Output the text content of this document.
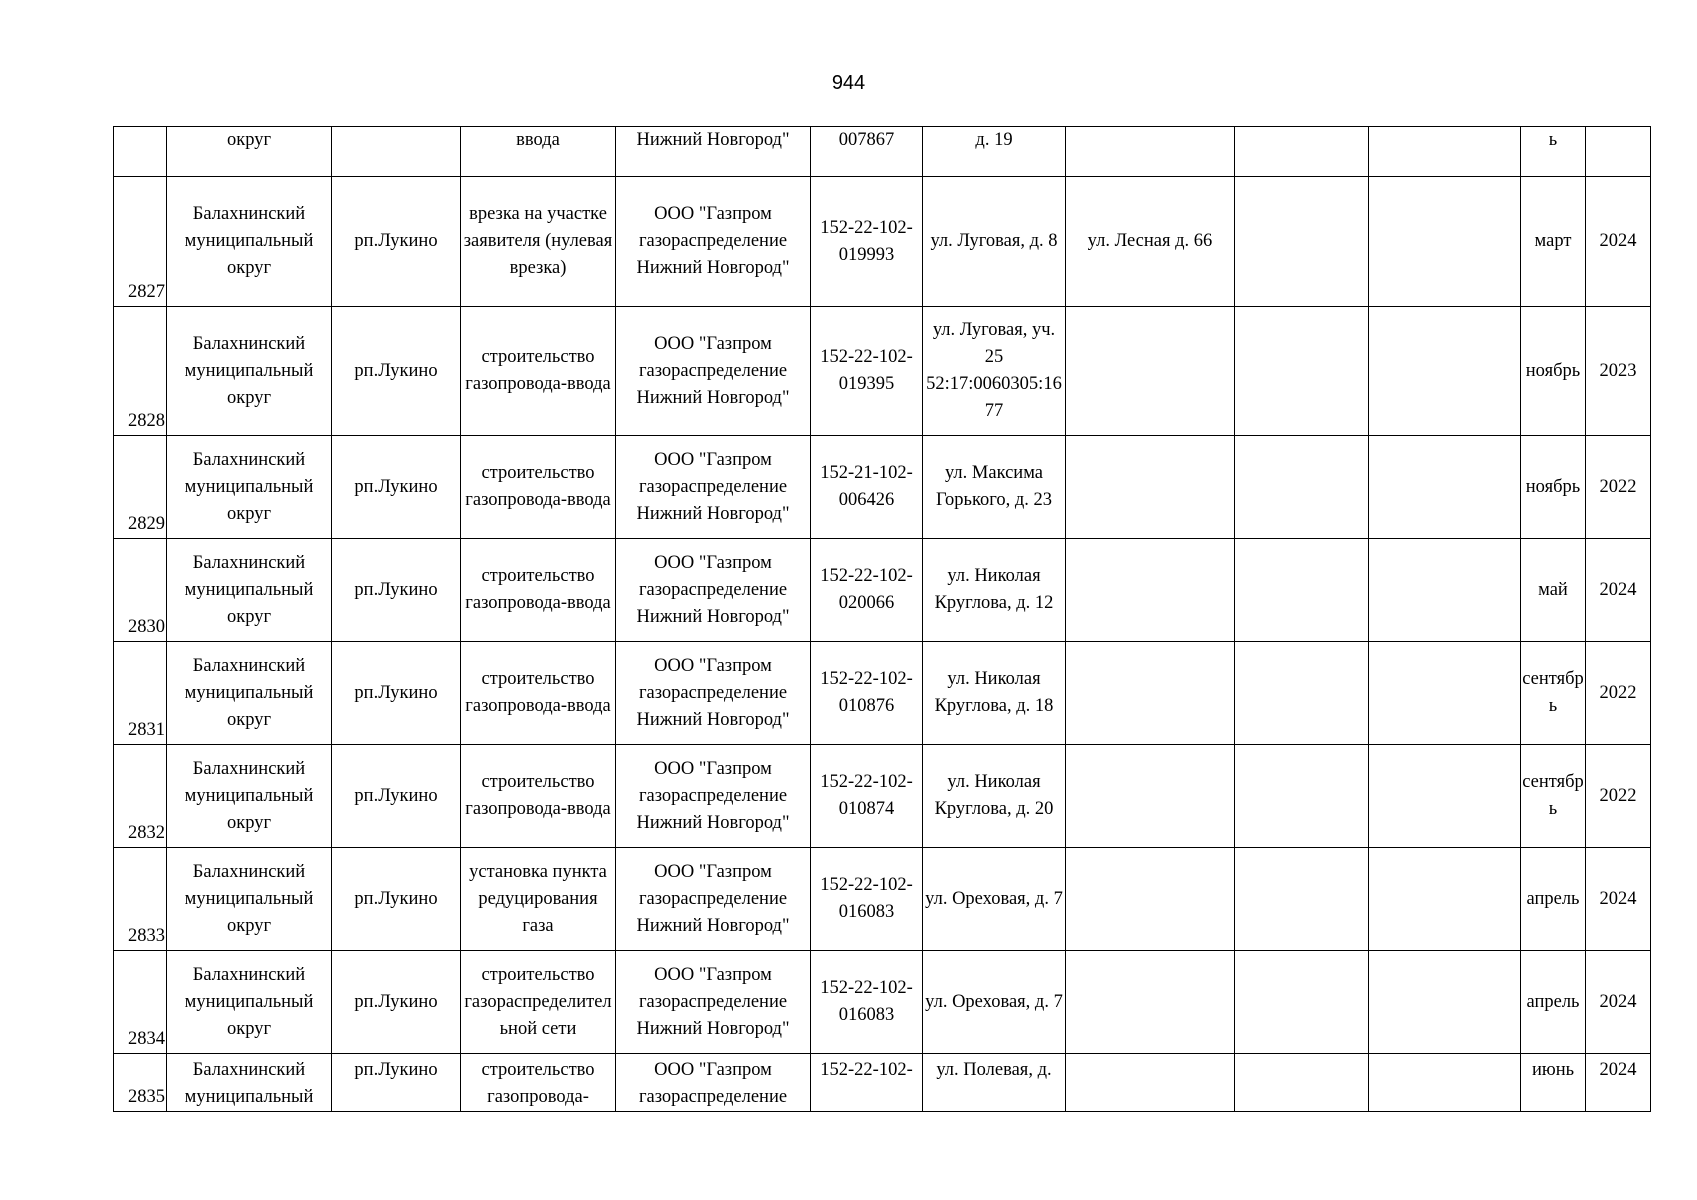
944
	округ		ввода	Нижний Новгород"	007867	д. 19				ь	
2827	Балахнинский муниципальный округ	рп.Лукино	врезка на участке заявителя (нулевая врезка)	ООО "Газпром газораспределение Нижний Новгород"	152-22-102-019993	ул. Луговая, д. 8	ул. Лесная д. 66			март	2024
2828	Балахнинский муниципальный округ	рп.Лукино	строительство газопровода-ввода	ООО "Газпром газораспределение Нижний Новгород"	152-22-102-019395	ул. Луговая, уч. 25 52:17:0060305:1677				ноябрь	2023
2829	Балахнинский муниципальный округ	рп.Лукино	строительство газопровода-ввода	ООО "Газпром газораспределение Нижний Новгород"	152-21-102-006426	ул. Максима Горького, д. 23				ноябрь	2022
2830	Балахнинский муниципальный округ	рп.Лукино	строительство газопровода-ввода	ООО "Газпром газораспределение Нижний Новгород"	152-22-102-020066	ул. Николая Круглова, д. 12				май	2024
2831	Балахнинский муниципальный округ	рп.Лукино	строительство газопровода-ввода	ООО "Газпром газораспределение Нижний Новгород"	152-22-102-010876	ул. Николая Круглова, д. 18				сентябрь	2022
2832	Балахнинский муниципальный округ	рп.Лукино	строительство газопровода-ввода	ООО "Газпром газораспределение Нижний Новгород"	152-22-102-010874	ул. Николая Круглова, д. 20				сентябрь	2022
2833	Балахнинский муниципальный округ	рп.Лукино	установка пункта редуцирования газа	ООО "Газпром газораспределение Нижний Новгород"	152-22-102-016083	ул. Ореховая, д. 7				апрель	2024
2834	Балахнинский муниципальный округ	рп.Лукино	строительство газораспределительной сети	ООО "Газпром газораспределение Нижний Новгород"	152-22-102-016083	ул. Ореховая, д. 7				апрель	2024
2835	Балахнинский муниципальный	рп.Лукино	строительство газопровода-	ООО "Газпром газораспределение	152-22-102-	ул. Полевая, д.				июнь	2024
